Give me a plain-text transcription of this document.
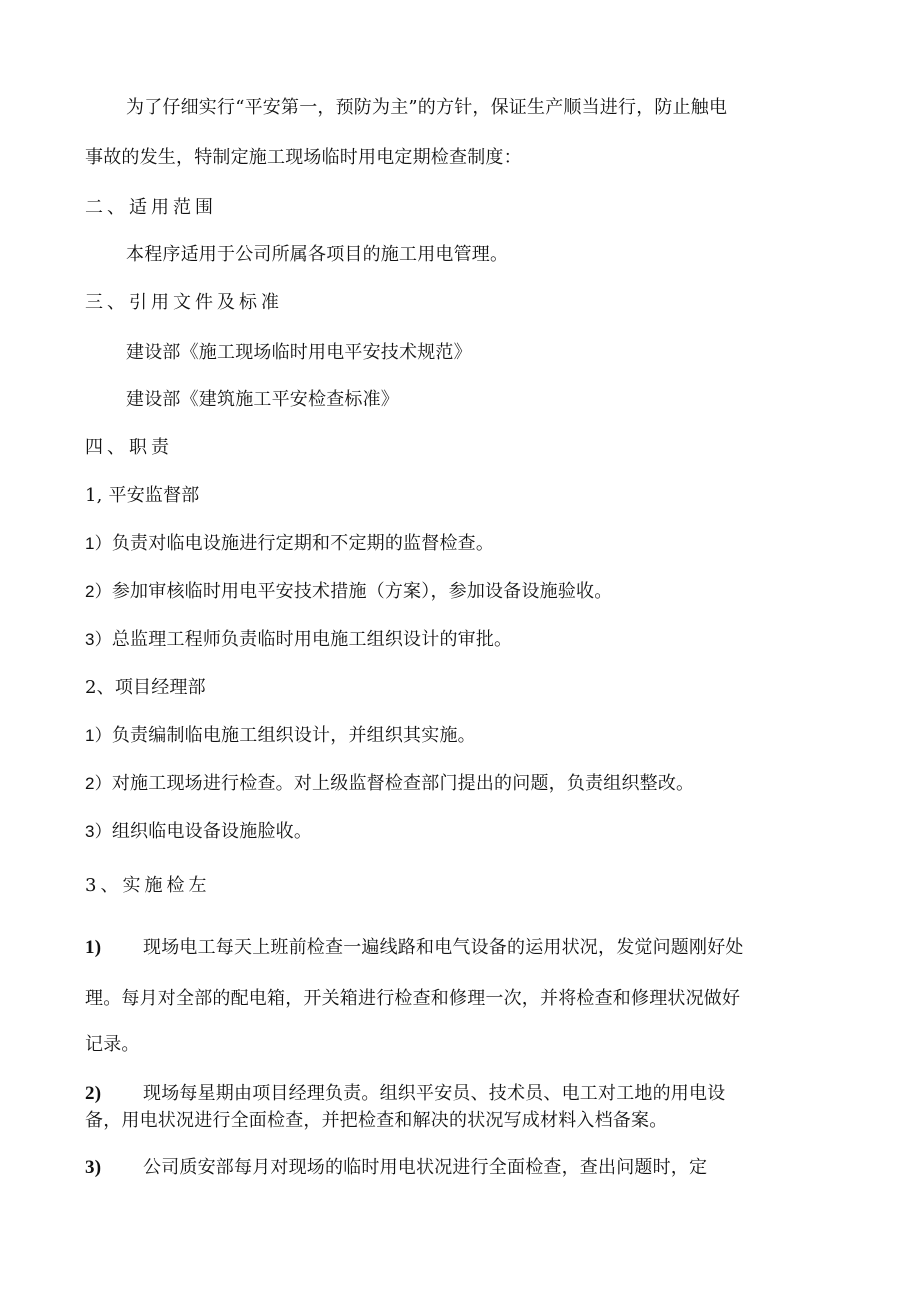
为了仔细实行“平安第一，预防为主”的方针，保证生产顺当进行，防止触电
事故的发生，特制定施工现场临时用电定期检查制度：
二、适用范围
本程序适用于公司所属各项目的施工用电管理。
三、引用文件及标准
建设部《施工现场临时用电平安技术规范》
建设部《建筑施工平安检查标准》
四、职责
1, 平安监督部
1）负责对临电设施进行定期和不定期的监督检查。
2）参加审核临时用电平安技术措施（方案），参加设备设施验收。
3）总监理工程师负责临时用电施工组织设计的审批。
2、项目经理部
1）负责编制临电施工组织设计，并组织其实施。
2）对施工现场进行检查。对上级监督检查部门提出的问题，负责组织整改。
3）组织临电设备设施脸收。
3、实施检左
1) 现场电工每天上班前检查一遍线路和电气设备的运用状况，发觉问题刚好处
理。每月对全部的配电箱，开关箱进行检查和修理一次，并将检查和修理状况做好
记录。
2) 现场每星期由项目经理负责。组织平安员、技术员、电工对工地的用电设
备，用电状况进行全面检查，并把检查和解决的状况写成材料入档备案。
3) 公司质安部每月对现场的临时用电状况进行全面检查，查出问题时，定
